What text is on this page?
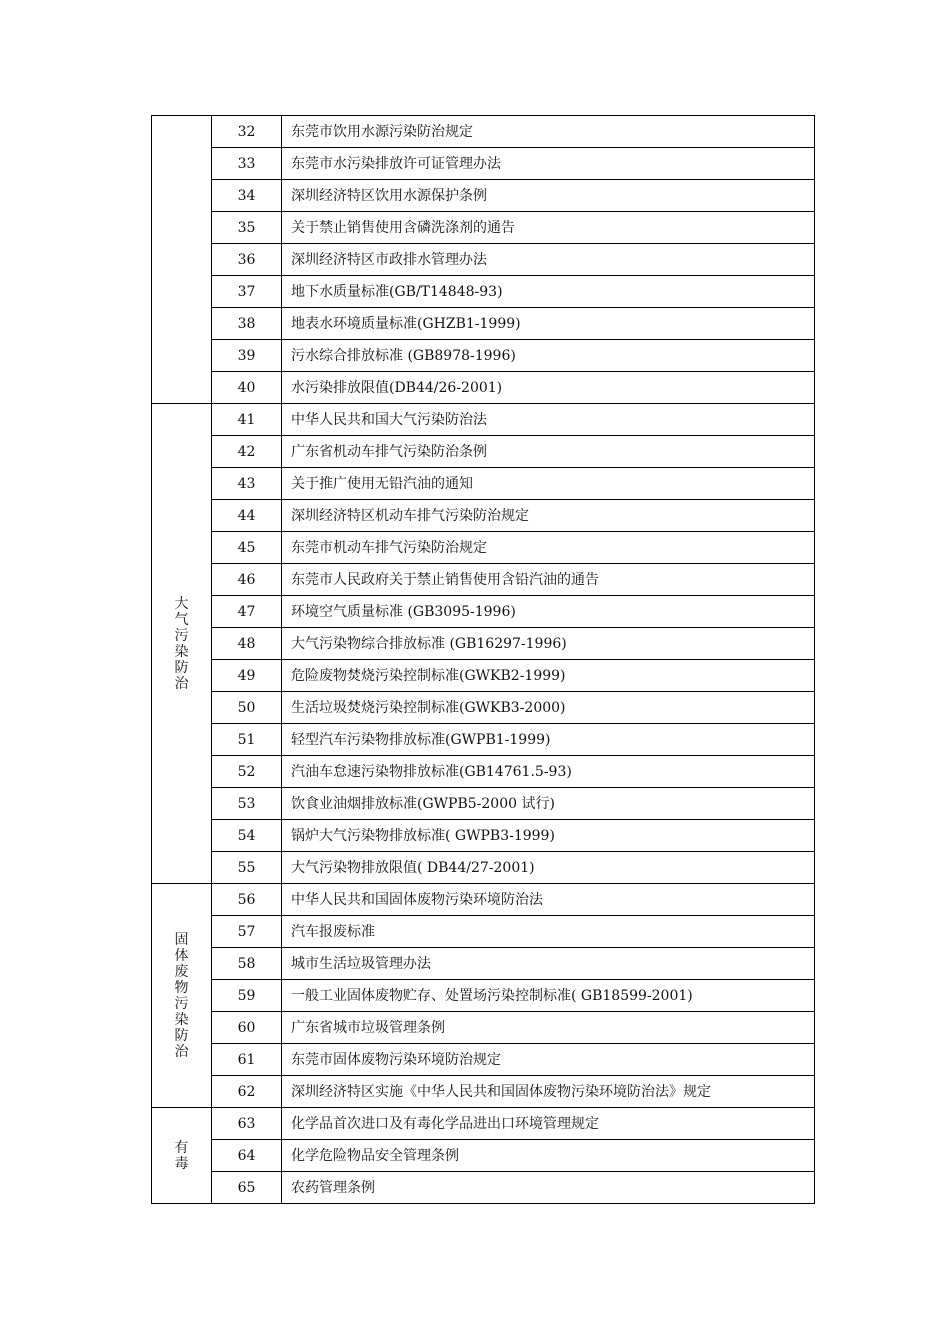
	32	东莞市饮用水源污染防治规定
	33	东莞市水污染排放许可证管理办法
	34	深圳经济特区饮用水源保护条例
	35	关于禁止销售使用含磷洗涤剂的通告
	36	深圳经济特区市政排水管理办法
	37	地下水质量标准(GB/T14848-93)
	38	地表水环境质量标准(GHZB1-1999)
	39	污水综合排放标准 (GB8978-1996)
	40	水污染排放限值(DB44/26-2001)
大气污染防治	41	中华人民共和国大气污染防治法
	42	广东省机动车排气污染防治条例
	43	关于推广使用无铅汽油的通知
	44	深圳经济特区机动车排气污染防治规定
	45	东莞市机动车排气污染防治规定
	46	东莞市人民政府关于禁止销售使用含铅汽油的通告
	47	环境空气质量标准 (GB3095-1996)
	48	大气污染物综合排放标准 (GB16297-1996)
	49	危险废物焚烧污染控制标准(GWKB2-1999)
	50	生活垃圾焚烧污染控制标准(GWKB3-2000)
	51	轻型汽车污染物排放标准(GWPB1-1999)
	52	汽油车怠速污染物排放标准(GB14761.5-93)
	53	饮食业油烟排放标准(GWPB5-2000 试行)
	54	锅炉大气污染物排放标准( GWPB3-1999)
	55	大气污染物排放限值( DB44/27-2001)
固体废物污染防治	56	中华人民共和国固体废物污染环境防治法
	57	汽车报废标准
	58	城市生活垃圾管理办法
	59	一般工业固体废物贮存、处置场污染控制标准( GB18599-2001)
	60	广东省城市垃圾管理条例
	61	东莞市固体废物污染环境防治规定
	62	深圳经济特区实施《中华人民共和国固体废物污染环境防治法》规定
有毒	63	化学品首次进口及有毒化学品进出口环境管理规定
	64	化学危险物品安全管理条例
	65	农药管理条例
